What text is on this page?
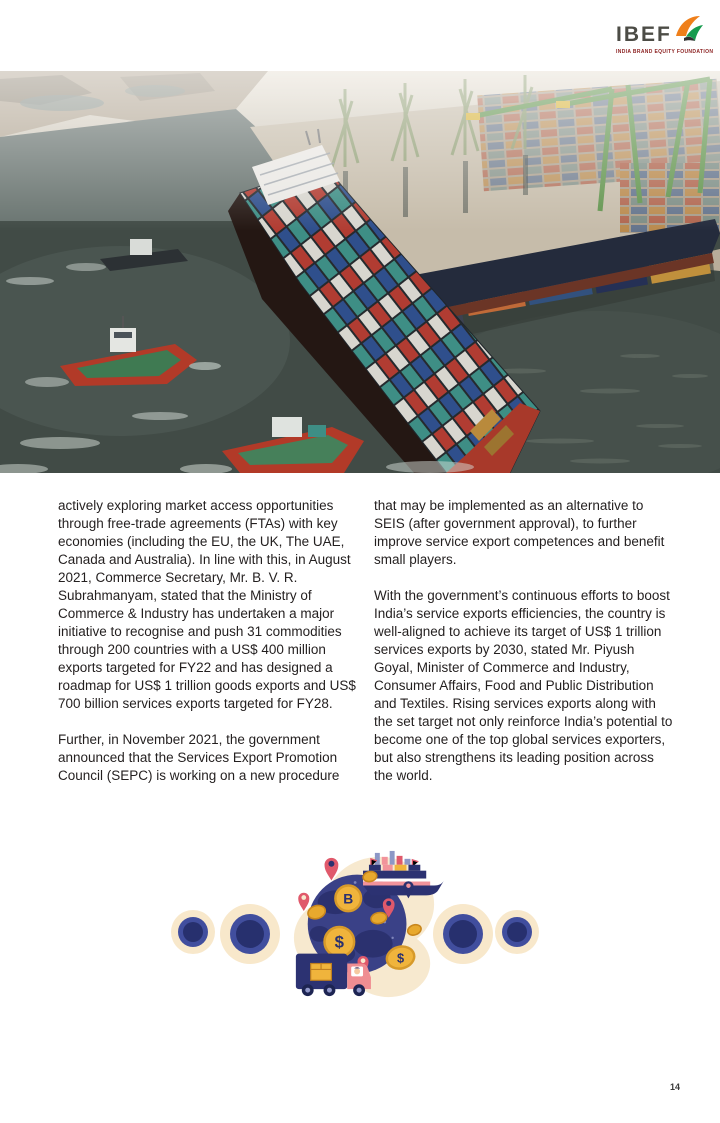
IBEF
INDIA BRAND EQUITY FOUNDATION

actively exploring market access opportunities through free-trade agreements (FTAs) with key economies (including the EU, the UK, The UAE, Canada and Australia). In line with this, in August 2021, Commerce Secretary, Mr. B. V. R. Subrahmanyam, stated that the Ministry of Commerce & Industry has undertaken a major initiative to recognise and push 31 commodities through 200 countries with a US$ 400 million exports targeted for FY22 and has designed a roadmap for US$ 1 trillion goods exports and US$ 700 billion services exports targeted for FY28.

Further, in November 2021, the government announced that the Services Export Promotion Council (SEPC) is working on a new procedure

that may be implemented as an alternative to SEIS (after government approval), to further improve service export competences and benefit small players.

With the government’s continuous efforts to boost India’s service exports efficiencies, the country is well-aligned to achieve its target of US$ 1 trillion services exports by 2030, stated Mr. Piyush Goyal, Minister of Commerce and Industry, Consumer Affairs, Food and Public Distribution and Textiles. Rising services exports along with the set target not only reinforce India’s potential to become one of the top global services exporters, but also strengthens its leading position across the world.

B
$
$
14
